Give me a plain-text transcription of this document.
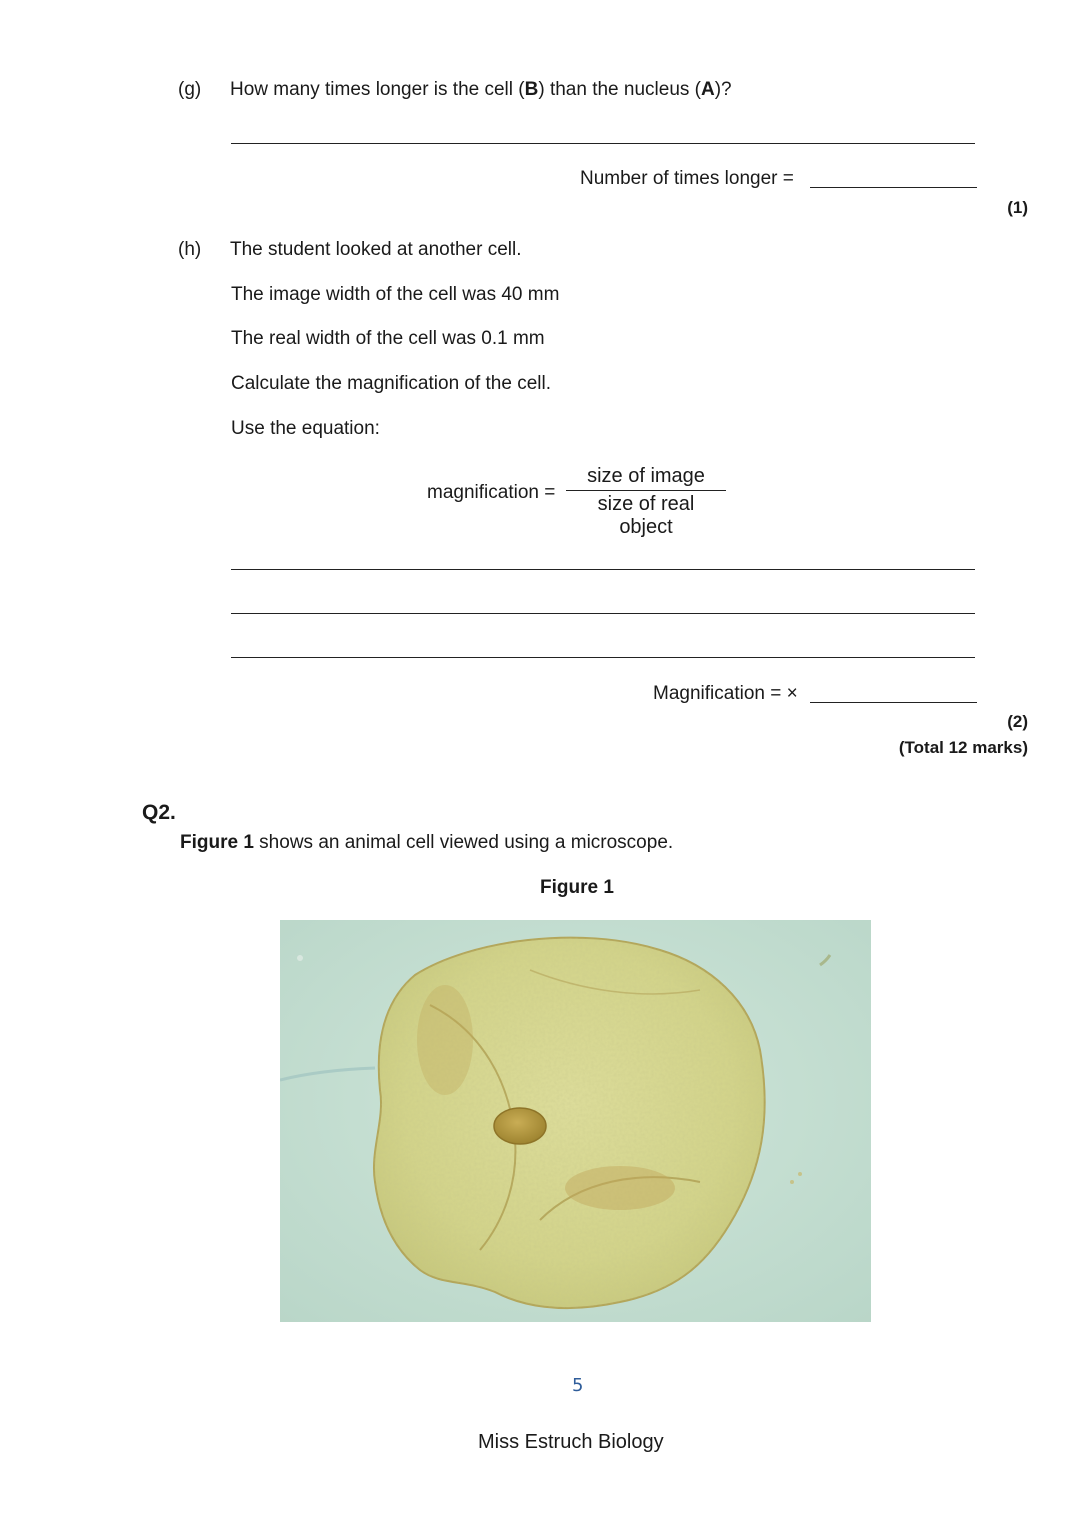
(g) How many times longer is the cell (B) than the nucleus (A)?
Number of times longer =
(1)
(h) The student looked at another cell.
The image width of the cell was 40 mm
The real width of the cell was 0.1 mm
Calculate the magnification of the cell.
Use the equation:
magnification =
size of image
size of real object
Magnification = ×
(2)
(Total 12 marks)
Q2.
Figure 1 shows an animal cell viewed using a microscope.
Figure 1
5
Miss Estruch Biology
